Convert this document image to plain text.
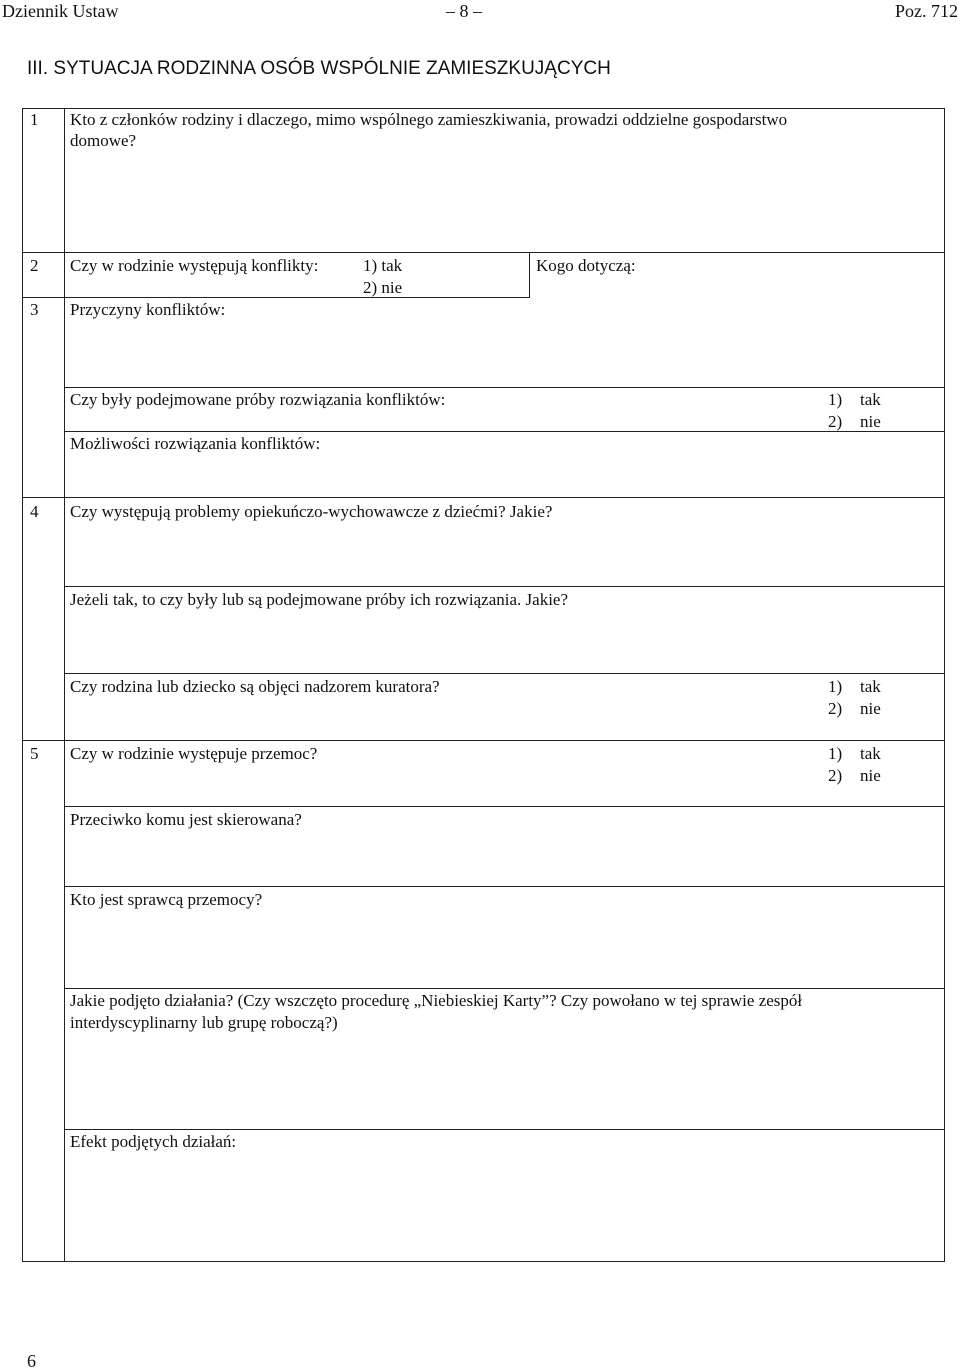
Dziennik Ustaw	– 8 –	Poz. 712
III. SYTUACJA RODZINNA OSÓB WSPÓLNIE ZAMIESZKUJĄCYCH
1 Kto z członków rodziny i dlaczego, mimo wspólnego zamieszkiwania, prowadzi oddzielne gospodarstwo
domowe?
2 Czy w rodzinie występują konflikty:	1) tak
2) nie
Kogo dotyczą:
3 Przyczyny konfliktów:
Czy były podejmowane próby rozwiązania konfliktów:	1) tak
2) nie
Możliwości rozwiązania konfliktów:
4 Czy występują problemy opiekuńczo-wychowawcze z dziećmi? Jakie?
Jeżeli tak, to czy były lub są podejmowane próby ich rozwiązania. Jakie?
Czy rodzina lub dziecko są objęci nadzorem kuratora?	1) tak
2) nie
5 Czy w rodzinie występuje przemoc?	1) tak
2) nie
Przeciwko komu jest skierowana?
Kto jest sprawcą przemocy?
Jakie podjęto działania? (Czy wszczęto procedurę „Niebieskiej Karty”? Czy powołano w tej sprawie zespół
interdyscyplinarny lub grupę roboczą?)
Efekt podjętych działań:
6
